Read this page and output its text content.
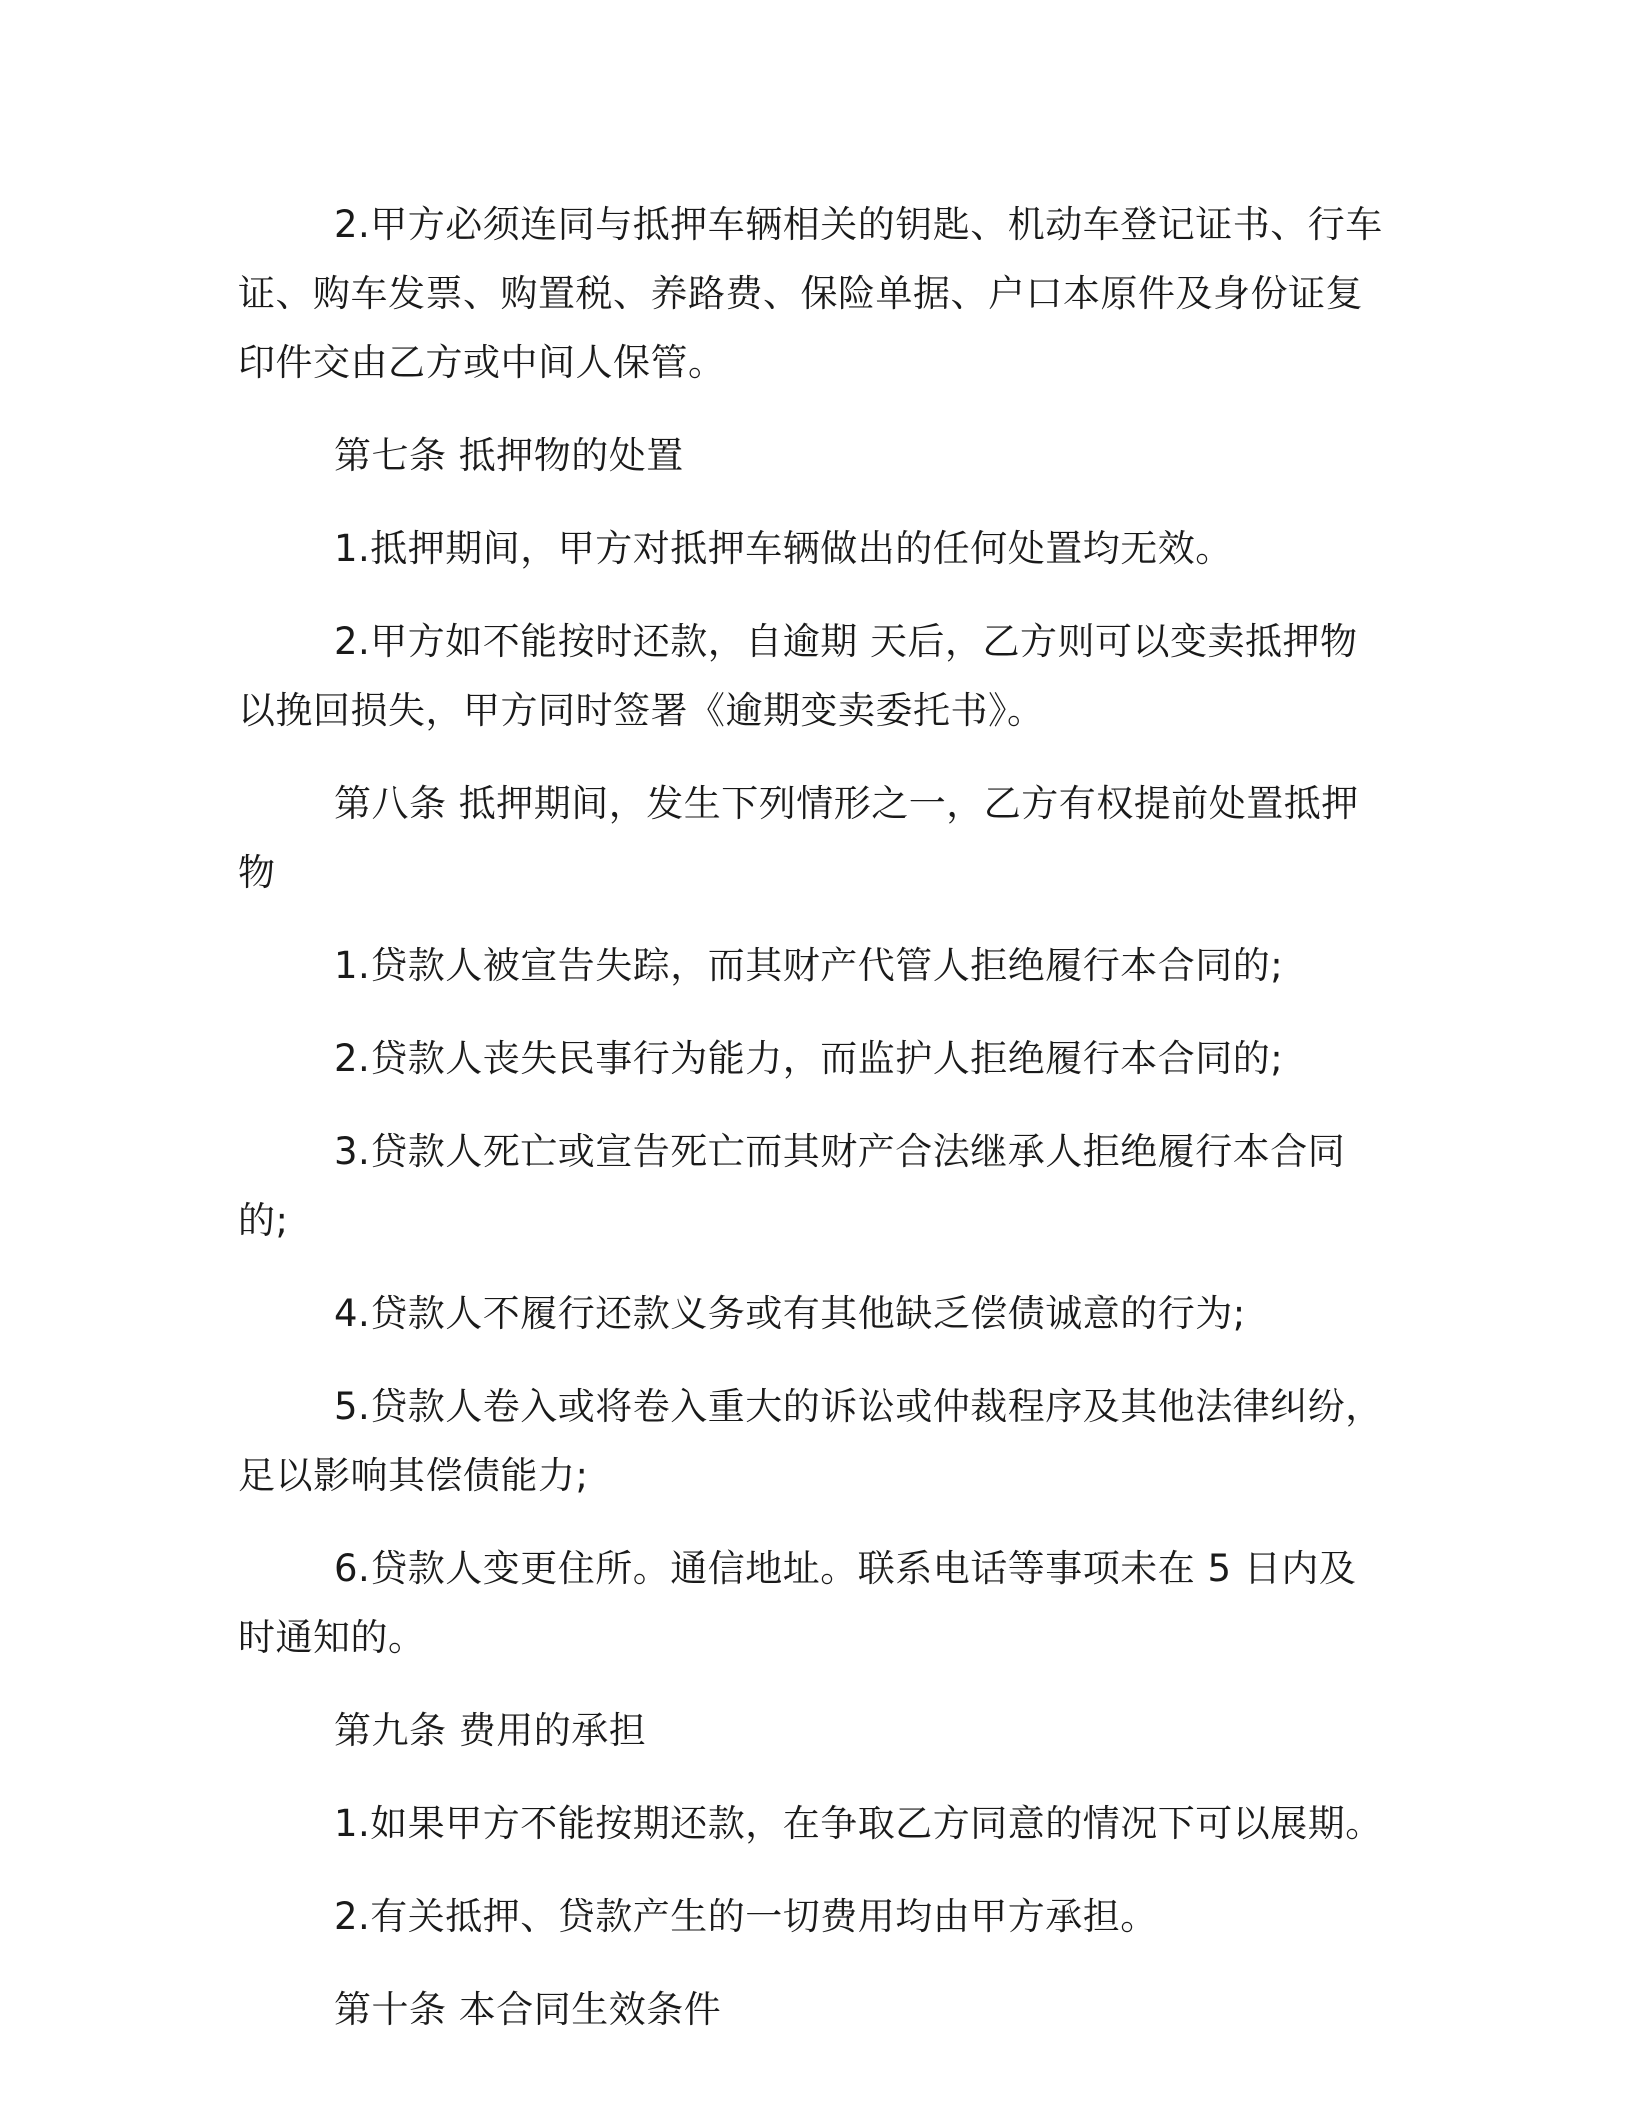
2.甲方必须连同与抵押车辆相关的钥匙、机动车登记证书、行车证、购车发票、购置税、养路费、保险单据、户口本原件及身份证复印件交由乙方或中间人保管。

第七条 抵押物的处置

1.抵押期间，甲方对抵押车辆做出的任何处置均无效。

2.甲方如不能按时还款，自逾期 天后，乙方则可以变卖抵押物以挽回损失，甲方同时签署《逾期变卖委托书》。

第八条 抵押期间，发生下列情形之一，乙方有权提前处置抵押物

1.贷款人被宣告失踪，而其财产代管人拒绝履行本合同的;

2.贷款人丧失民事行为能力，而监护人拒绝履行本合同的;

3.贷款人死亡或宣告死亡而其财产合法继承人拒绝履行本合同的;

4.贷款人不履行还款义务或有其他缺乏偿债诚意的行为;

5.贷款人卷入或将卷入重大的诉讼或仲裁程序及其他法律纠纷，足以影响其偿债能力;

6.贷款人变更住所。通信地址。联系电话等事项未在 5 日内及时通知的。

第九条 费用的承担

1.如果甲方不能按期还款，在争取乙方同意的情况下可以展期。

2.有关抵押、贷款产生的一切费用均由甲方承担。

第十条 本合同生效条件
